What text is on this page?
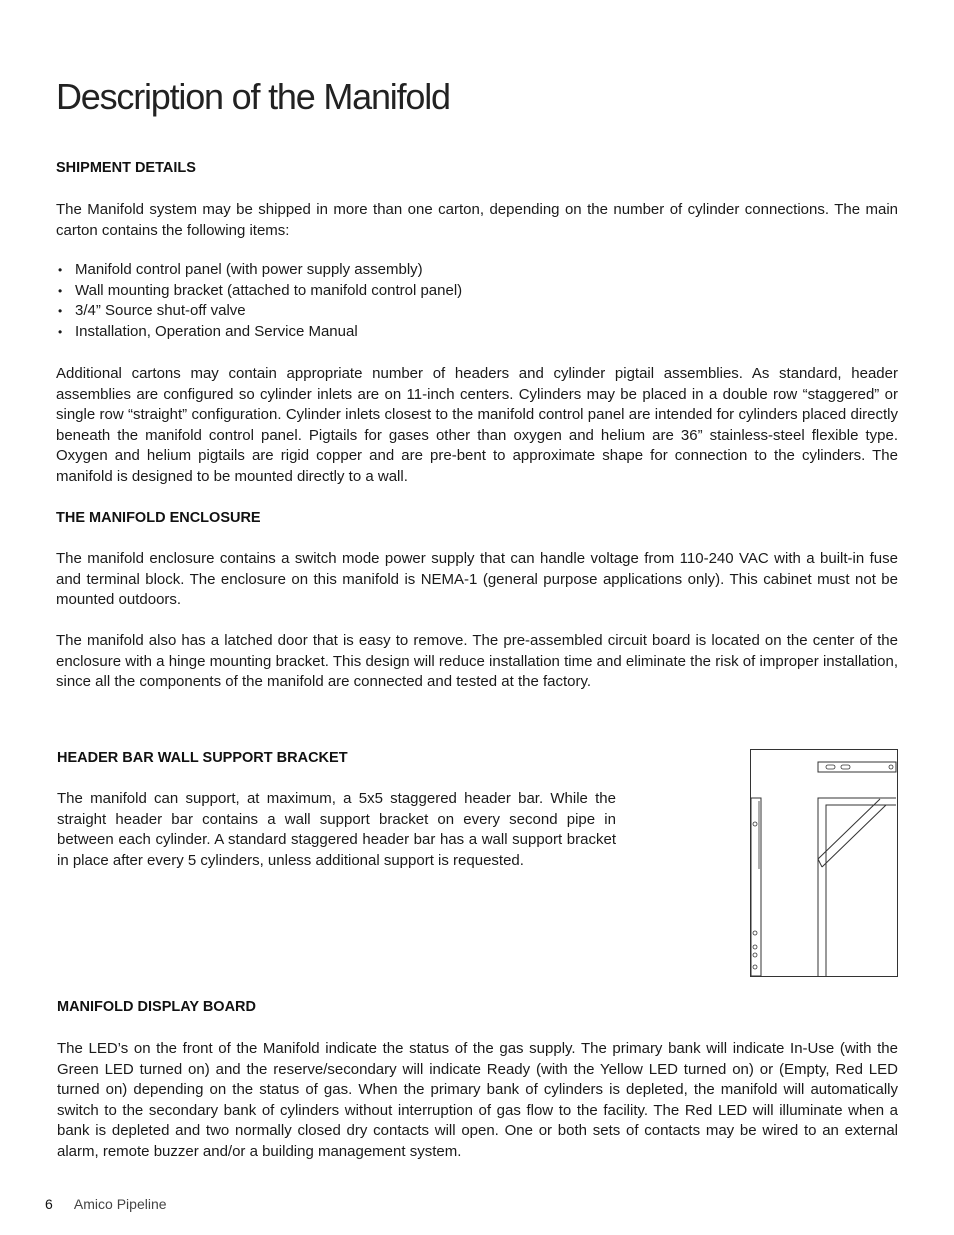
Description of the Manifold
SHIPMENT DETAILS

The Manifold system may be shipped in more than one carton, depending on the number of cylinder connections. The main carton contains the following items:

• Manifold control panel (with power supply assembly)
• Wall mounting bracket (attached to manifold control panel)
• 3/4” Source shut-off valve
• Installation, Operation and Service Manual

Additional cartons may contain appropriate number of headers and cylinder pigtail assemblies. As standard, header assemblies are configured so cylinder inlets are on 11-inch centers. Cylinders may be placed in a double row “staggered” or single row “straight” configuration. Cylinder inlets closest to the manifold control panel are intended for cylinders placed directly beneath the manifold control panel. Pigtails for gases other than oxygen and helium are 36” stainless-steel flexible type. Oxygen and helium pigtails are rigid copper and are pre-bent to approximate shape for connection to the cylinders. The manifold is designed to be mounted directly to a wall.

THE MANIFOLD ENCLOSURE

The manifold enclosure contains a switch mode power supply that can handle voltage from 110-240 VAC with a built-in fuse and terminal block. The enclosure on this manifold is NEMA-1 (general purpose applications only). This cabinet must not be mounted outdoors.

The manifold also has a latched door that is easy to remove. The pre-assembled circuit board is located on the center of the enclosure with a hinge mounting bracket. This design will reduce installation time and eliminate the risk of improper installation, since all the components of the manifold are connected and tested at the factory.

HEADER BAR WALL SUPPORT BRACKET

The manifold can support, at maximum, a 5x5 staggered header bar. While the straight header bar contains a wall support bracket on every second pipe in between each cylinder. A standard staggered header bar has a wall support bracket in place after every 5 cylinders, unless additional support is requested.

MANIFOLD DISPLAY BOARD

The LED’s on the front of the Manifold indicate the status of the gas supply. The primary bank will indicate In-Use (with the Green LED turned on) and the reserve/secondary will indicate Ready (with the Yellow LED turned on) or (Empty, Red LED turned on) depending on the status of gas. When the primary bank of cylinders is depleted, the manifold will automatically switch to the secondary bank of cylinders without interruption of gas flow to the facility. The Red LED will illuminate when a bank is depleted and two normally closed dry contacts will open. One or both sets of contacts may be wired to an external alarm, remote buzzer and/or a building management system.

6 Amico Pipeline
